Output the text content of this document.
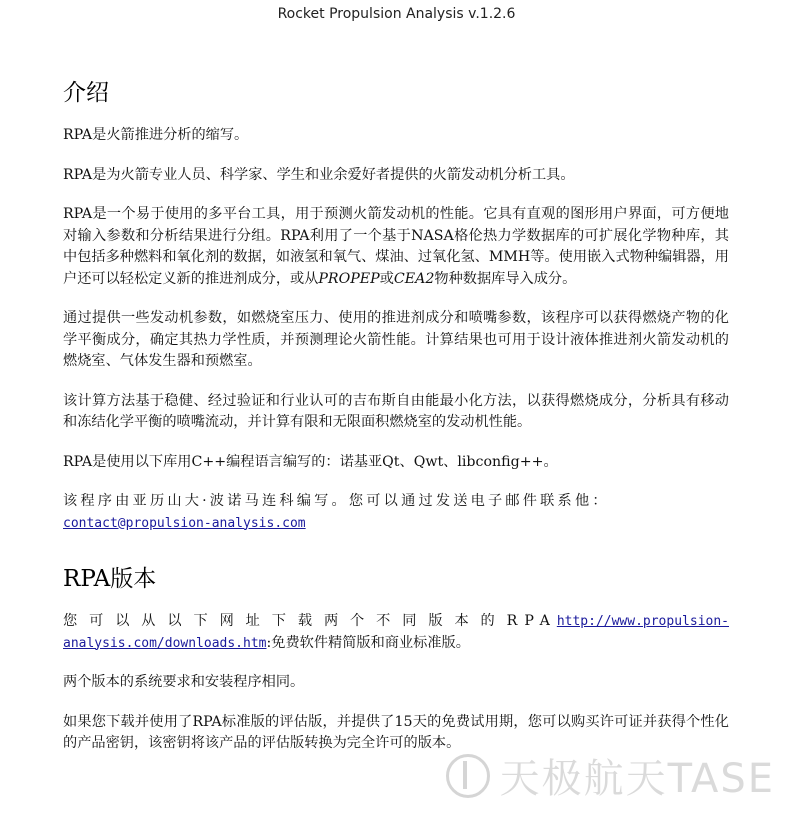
Rocket Propulsion Analysis v.1.2.6
介绍

RPA是火箭推进分析的缩写。

RPA是为火箭专业人员、科学家、学生和业余爱好者提供的火箭发动机分析工具。

RPA是一个易于使用的多平台工具，用于预测火箭发动机的性能。它具有直观的图形用户界面，可方便地对输入参数和分析结果进行分组。RPA利用了一个基于NASA格伦热力学数据库的可扩展化学物种库，其中包括多种燃料和氧化剂的数据，如液氢和氧气、煤油、过氧化氢、MMH等。使用嵌入式物种编辑器，用户还可以轻松定义新的推进剂成分，或从PROPEP或CEA2物种数据库导入成分。

通过提供一些发动机参数，如燃烧室压力、使用的推进剂成分和喷嘴参数，该程序可以获得燃烧产物的化学平衡成分，确定其热力学性质，并预测理论火箭性能。计算结果也可用于设计液体推进剂火箭发动机的燃烧室、气体发生器和预燃室。

该计算方法基于稳健、经过验证和行业认可的吉布斯自由能最小化方法，以获得燃烧成分，分析具有移动和冻结化学平衡的喷嘴流动，并计算有限和无限面积燃烧室的发动机性能。

RPA是使用以下库用C++编程语言编写的：诺基亚Qt、Qwt、libconfig++。

该程序由亚历山大·波诺马连科编写。您可以通过发送电子邮件联系他：
contact@propulsion-analysis.com

RPA版本

您可以从以下网址下载两个不同版本的RPAhttp://www.propulsion-analysis.com/downloads.htm:免费软件精简版和商业标准版。

两个版本的系统要求和安装程序相同。

如果您下载并使用了RPA标准版的评估版，并提供了15天的免费试用期，您可以购买许可证并获得个性化的产品密钥，该密钥将该产品的评估版转换为完全许可的版本。

天极航天TASE
